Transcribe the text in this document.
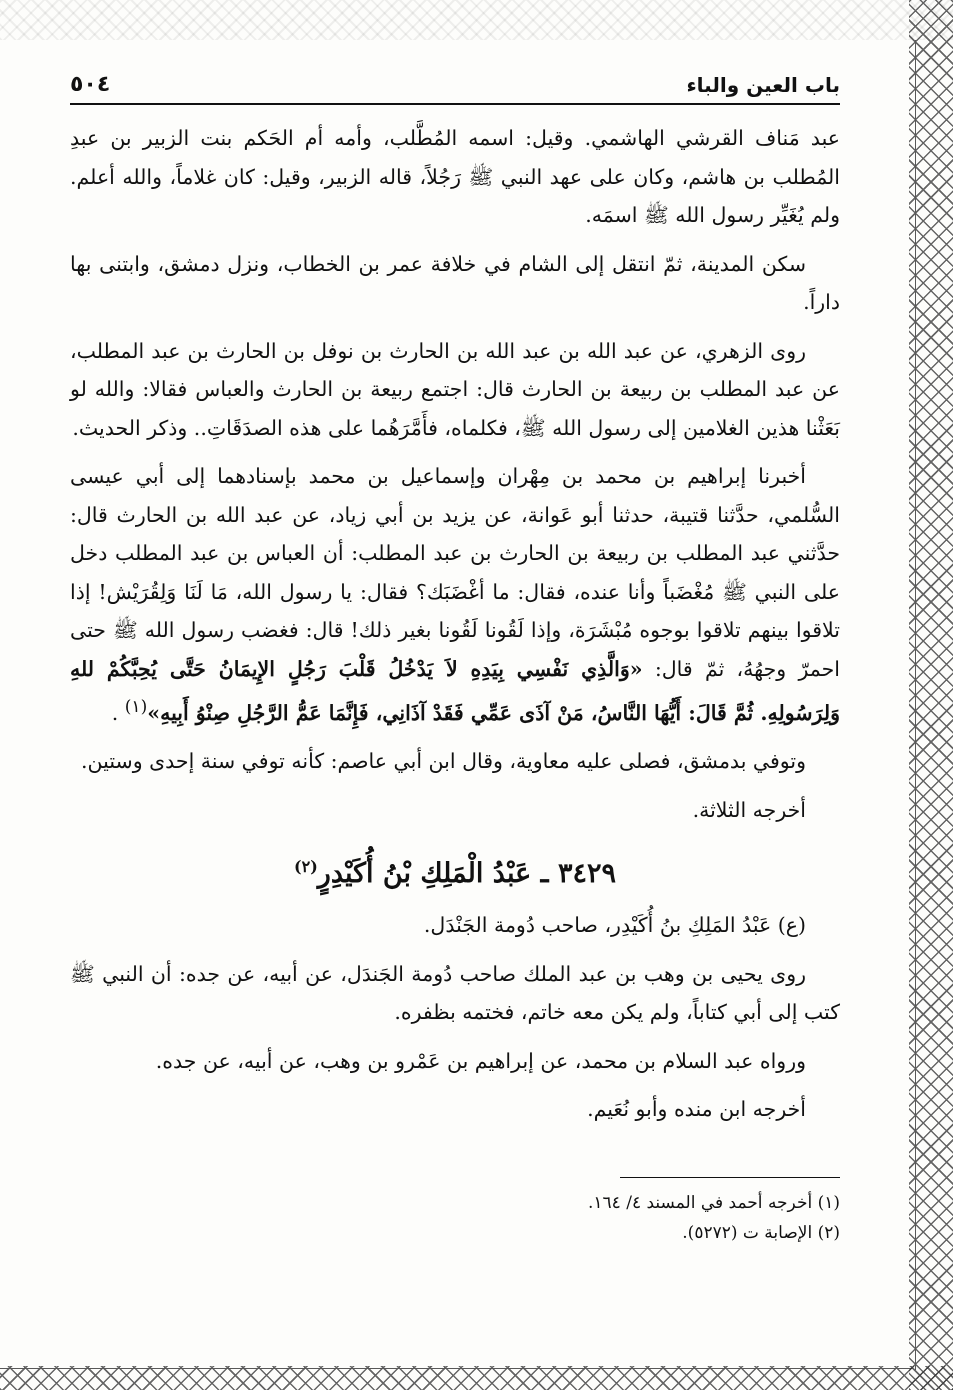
باب العين والباء
٥٠٤

عبد مَناف القرشي الهاشمي. وقيل: اسمه المُطَّلب، وأمه أم الحَكم بنت الزبير بن عبدِ المُطلب بن هاشم، وكان على عهد النبي ﷺ رَجُلاً، قاله الزبير، وقيل: كان غلاماً، والله أعلم. ولم يُغَيِّر رسول الله ﷺ اسمَه.

سكن المدينة، ثمّ انتقل إلى الشام في خلافة عمر بن الخطاب، ونزل دمشق، وابتنى بها داراً.

روى الزهري، عن عبد الله بن عبد الله بن الحارث بن نوفل بن الحارث بن عبد المطلب، عن عبد المطلب بن ربيعة بن الحارث قال: اجتمع ربيعة بن الحارث والعباس فقالا: والله لو بَعَثْنا هذين الغلامين إلى رسول الله ﷺ، فكلماه، فأَمَّرَهُما على هذه الصدَقَاتِ.. وذكر الحديث.

أخبرنا إبراهيم بن محمد بن مِهْران وإسماعيل بن محمد بإسنادهما إلى أبي عيسى السُّلمي، حدَّثنا قتيبة، حدثنا أبو عَوانة، عن يزيد بن أبي زياد، عن عبد الله بن الحارث قال: حدَّثني عبد المطلب بن ربيعة بن الحارث بن عبد المطلب: أن العباس بن عبد المطلب دخل على النبي ﷺ مُغْضَباً وأنا عنده، فقال: ما أغْضَبَك؟ فقال: يا رسول الله، مَا لَنَا وَلِقُرَيْش! إذا تلاقوا بينهم تلاقوا بوجوه مُبْشَرَة، وإذا لَقُونا لَقُونا بغير ذلك! قال: فغضب رسول الله ﷺ حتى احمرّ وجهُهُ، ثمّ قال: «وَالَّذِي نَفْسِي بِيَدِهِ لاَ يَدْخُلُ قَلْبَ رَجُلٍ الإِيمَانُ حَتَّى يُحِبَّكُمْ للهِ وَلِرَسُولِهِ. ثُمَّ قَالَ: أَيُّهَا النَّاسُ، مَنْ آذَى عَمِّي فَقَدْ آذَانِي، فَإِنَّمَا عَمُّ الرَّجُلِ صِنْوُ أَبِيهِ»$^{(١)}$ .

وتوفي بدمشق، فصلى عليه معاوية، وقال ابن أبي عاصم: كأنه توفي سنة إحدى وستين.

أخرجه الثلاثة.

٣٤٢٩ ـ عَبْدُ الْمَلِكِ بْنُ أُكَيْدِرٍ$^{(٢)}$

(ع) عَبْدُ المَلِكِ بنُ أُكَيْدِر، صاحب دُومة الجَنْدَل.

روى يحيى بن وهب بن عبد الملك صاحب دُومة الجَندَل، عن أبيه، عن جده: أن النبي ﷺ كتب إلى أبي كتاباً، ولم يكن معه خاتم، فختمه بظفره.

ورواه عبد السلام بن محمد، عن إبراهيم بن عَمْرو بن وهب، عن أبيه، عن جده.

أخرجه ابن منده وأبو نُعَيم.

(١) أخرجه أحمد في المسند ٤/ ١٦٤.

(٢) الإصابة ت (٥٢٧٢).
